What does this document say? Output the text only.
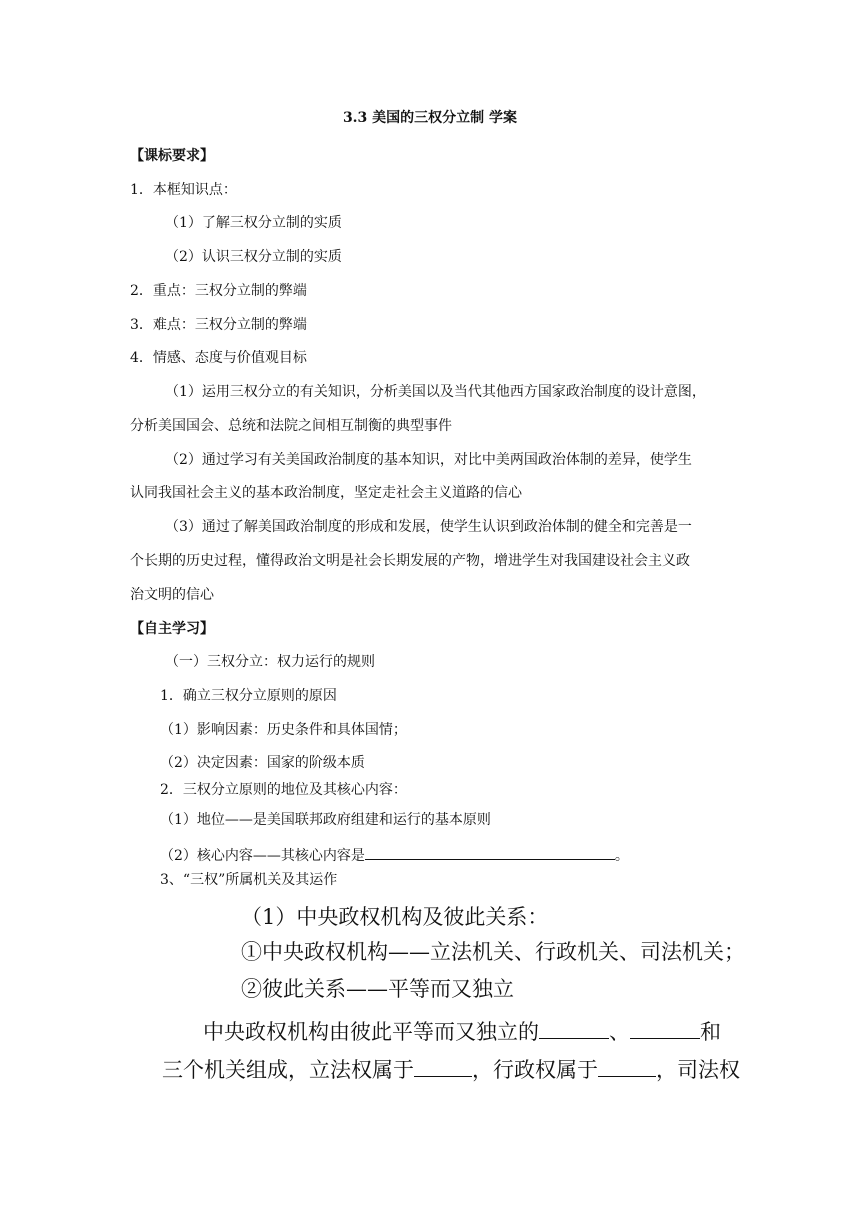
3.3 美国的三权分立制 学案
【课标要求】
1．本框知识点：
（1）了解三权分立制的实质
（2）认识三权分立制的实质
2．重点：三权分立制的弊端
3．难点：三权分立制的弊端
4．情感、态度与价值观目标
（1）运用三权分立的有关知识，分析美国以及当代其他西方国家政治制度的设计意图，
分析美国国会、总统和法院之间相互制衡的典型事件
（2）通过学习有关美国政治制度的基本知识，对比中美两国政治体制的差异，使学生
认同我国社会主义的基本政治制度，坚定走社会主义道路的信心
（3）通过了解美国政治制度的形成和发展，使学生认识到政治体制的健全和完善是一
个长期的历史过程，懂得政治文明是社会长期发展的产物，增进学生对我国建设社会主义政
治文明的信心
【自主学习】
（一）三权分立：权力运行的规则
1．确立三权分立原则的原因
（1）影响因素：历史条件和具体国情；
（2）决定因素：国家的阶级本质
2．三权分立原则的地位及其核心内容：
（1）地位——是美国联邦政府组建和运行的基本原则
（2）核心内容——其核心内容是	。
3、“三权”所属机关及其运作
（1）中央政权机构及彼此关系：
①中央政权机构——立法机关、行政机关、司法机关；
②彼此关系——平等而又独立
中央政权机构由彼此平等而又独立的	、	和
三个机关组成，立法权属于	，行政权属于	，司法权
